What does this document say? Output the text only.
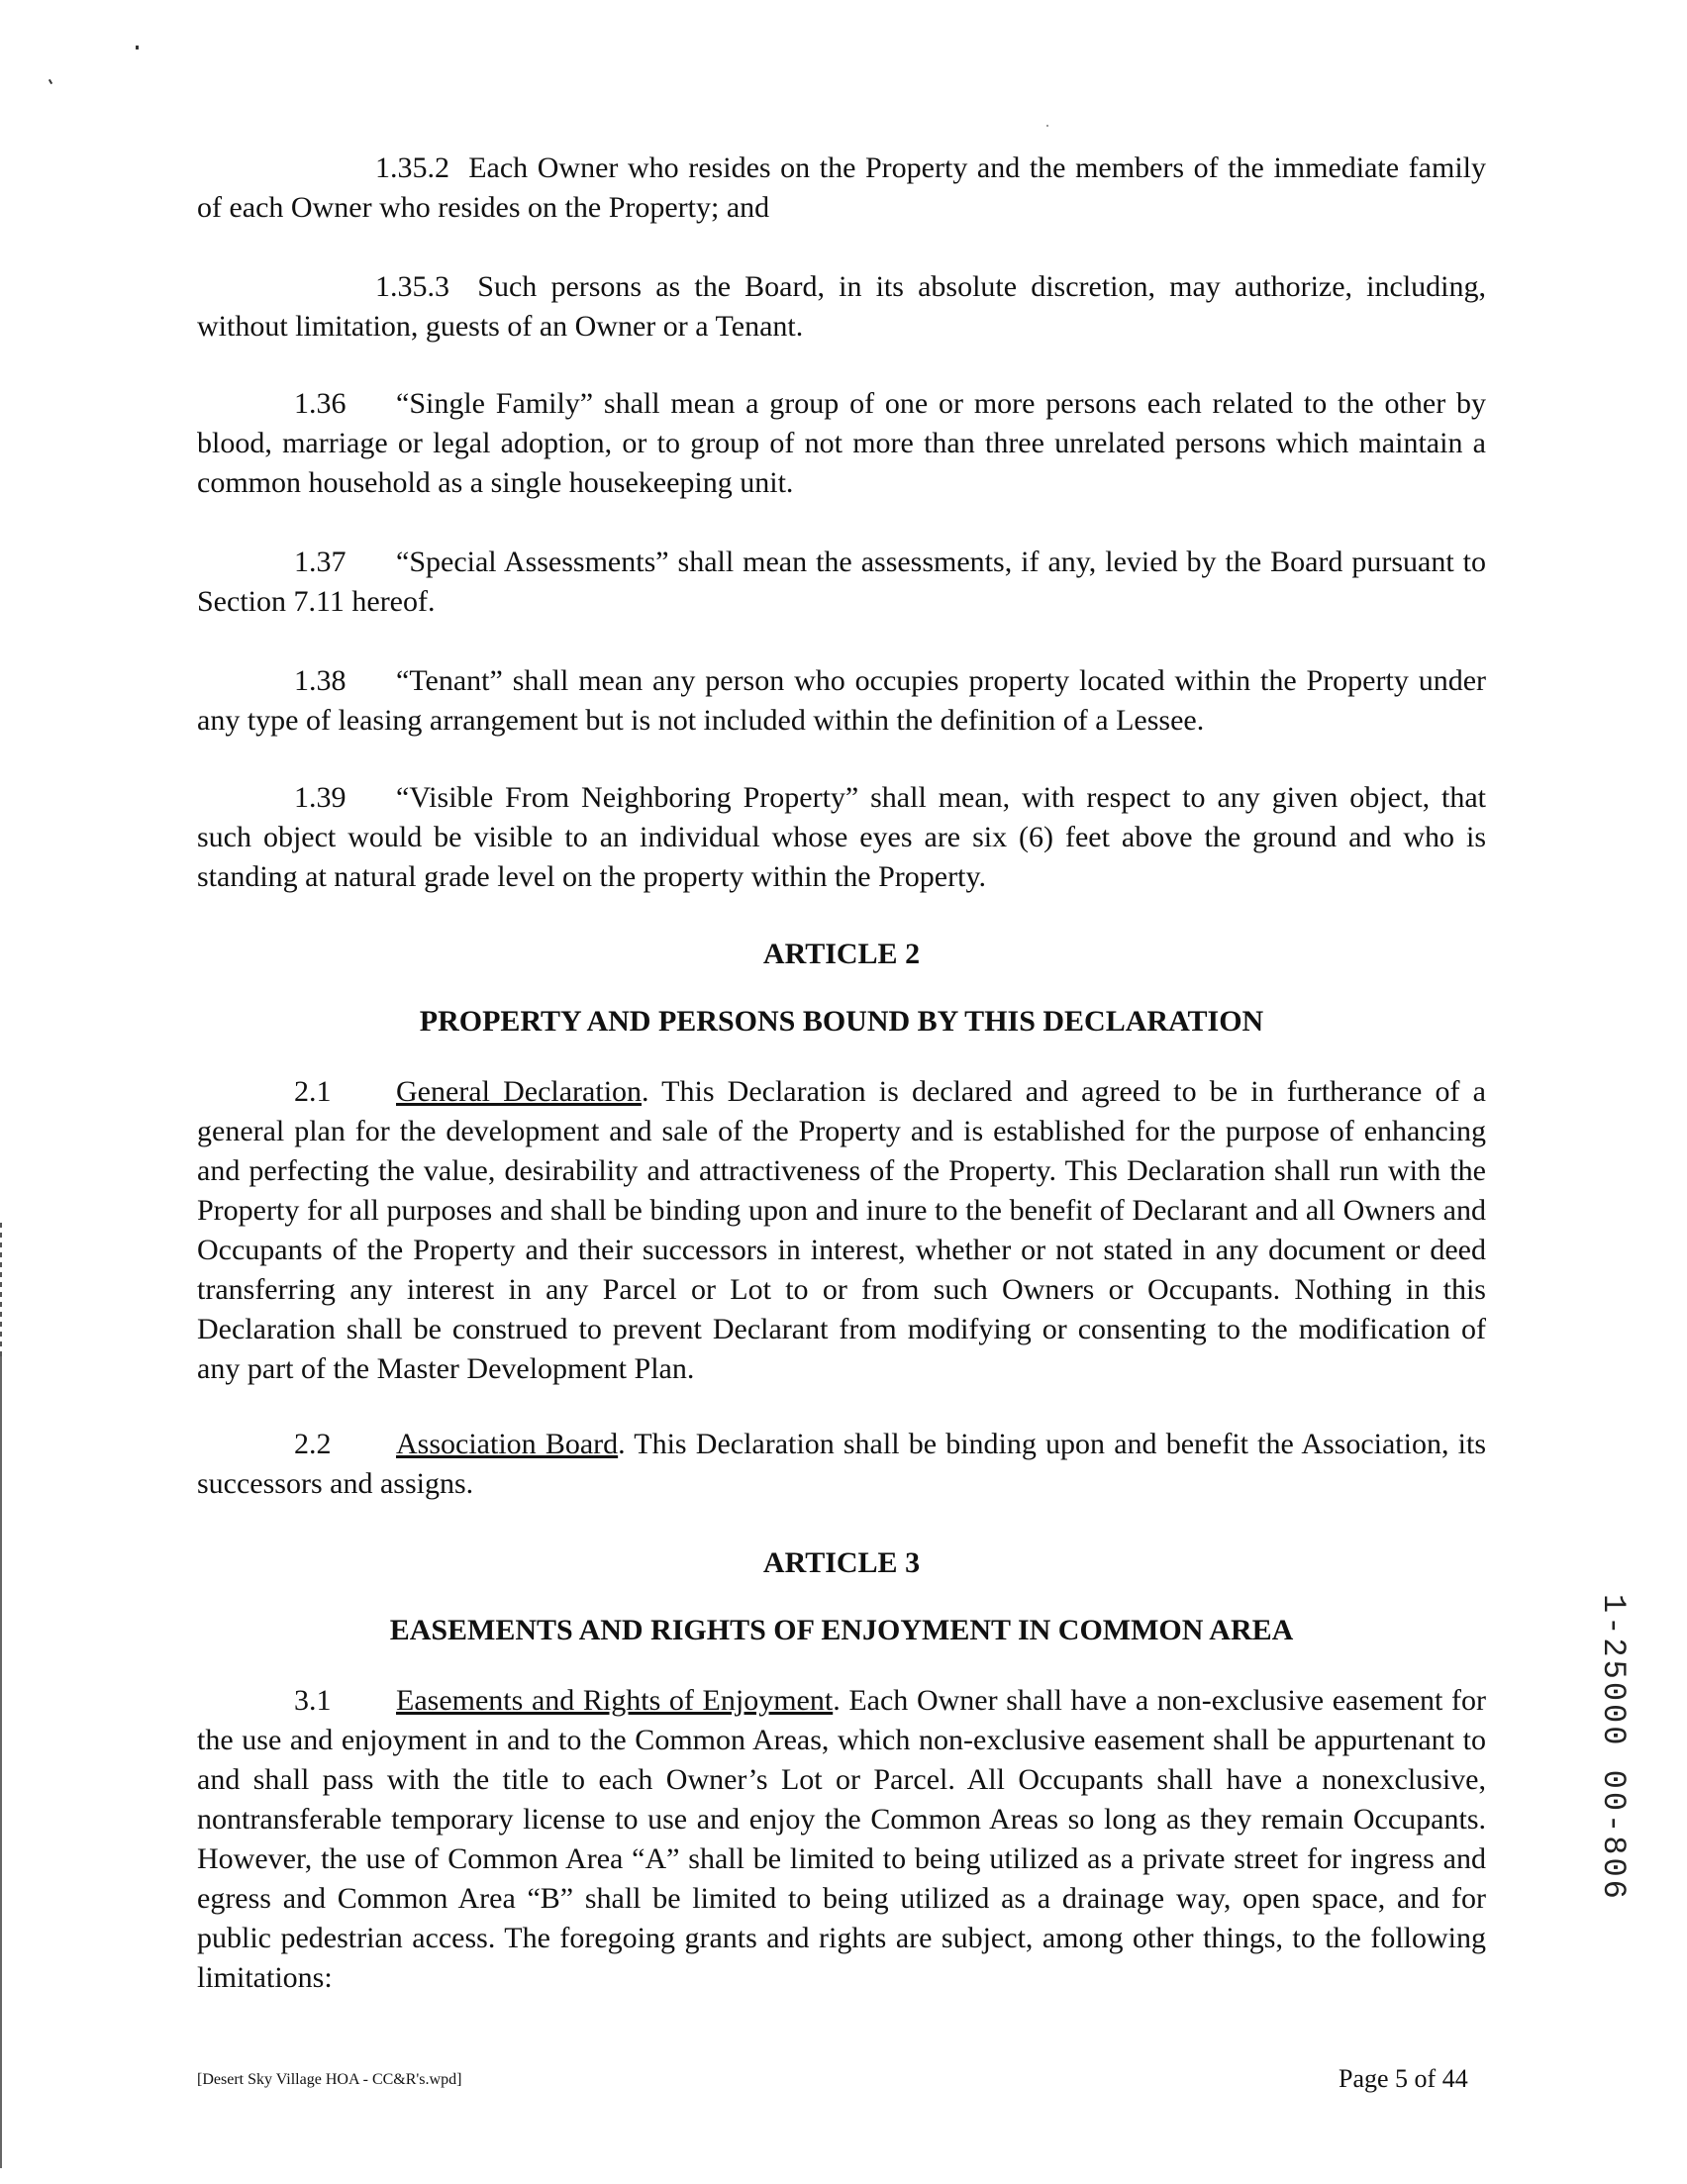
1.35.2 Each Owner who resides on the Property and the members of the immediate family of each Owner who resides on the Property; and

1.35.3 Such persons as the Board, in its absolute discretion, may authorize, including, without limitation, guests of an Owner or a Tenant.

1.36 “Single Family” shall mean a group of one or more persons each related to the other by blood, marriage or legal adoption, or to group of not more than three unrelated persons which maintain a common household as a single housekeeping unit.

1.37 “Special Assessments” shall mean the assessments, if any, levied by the Board pursuant to Section 7.11 hereof.

1.38 “Tenant” shall mean any person who occupies property located within the Property under any type of leasing arrangement but is not included within the definition of a Lessee.

1.39 “Visible From Neighboring Property” shall mean, with respect to any given object, that such object would be visible to an individual whose eyes are six (6) feet above the ground and who is standing at natural grade level on the property within the Property.

ARTICLE 2

PROPERTY AND PERSONS BOUND BY THIS DECLARATION

2.1 General Declaration. This Declaration is declared and agreed to be in furtherance of a general plan for the development and sale of the Property and is established for the purpose of enhancing and perfecting the value, desirability and attractiveness of the Property. This Declaration shall run with the Property for all purposes and shall be binding upon and inure to the benefit of Declarant and all Owners and Occupants of the Property and their successors in interest, whether or not stated in any document or deed transferring any interest in any Parcel or Lot to or from such Owners or Occupants. Nothing in this Declaration shall be construed to prevent Declarant from modifying or consenting to the modification of any part of the Master Development Plan.

2.2 Association Board. This Declaration shall be binding upon and benefit the Association, its successors and assigns.

ARTICLE 3

EASEMENTS AND RIGHTS OF ENJOYMENT IN COMMON AREA

3.1 Easements and Rights of Enjoyment. Each Owner shall have a non-exclusive easement for the use and enjoyment in and to the Common Areas, which non-exclusive easement shall be appurtenant to and shall pass with the title to each Owner’s Lot or Parcel. All Occupants shall have a nonexclusive, nontransferable temporary license to use and enjoy the Common Areas so long as they remain Occupants. However, the use of Common Area “A” shall be limited to being utilized as a private street for ingress and egress and Common Area “B” shall be limited to being utilized as a drainage way, open space, and for public pedestrian access. The foregoing grants and rights are subject, among other things, to the following limitations:

1-25000 00-806
[Desert Sky Village HOA - CC&R's.wpd]	Page 5 of 44
